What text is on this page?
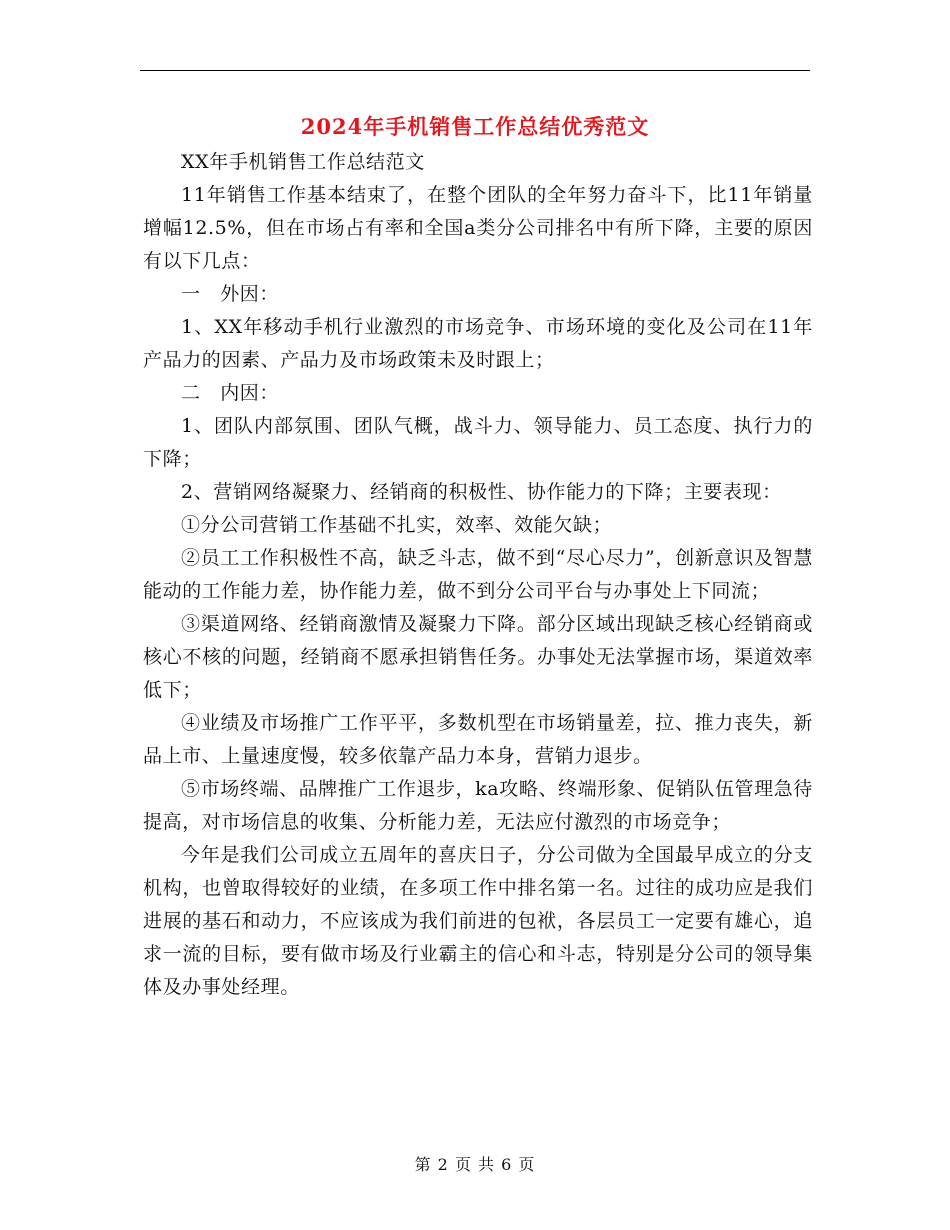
2024年手机销售工作总结优秀范文

XX年手机销售工作总结范文

11年销售工作基本结束了，在整个团队的全年努力奋斗下，比11年销量增幅12.5%，但在市场占有率和全国a类分公司排名中有所下降，主要的原因有以下几点：

一　外因：

1、XX年移动手机行业激烈的市场竞争、市场环境的变化及公司在11年产品力的因素、产品力及市场政策未及时跟上；

二　内因：

1、团队内部氛围、团队气概，战斗力、领导能力、员工态度、执行力的下降；

2、营销网络凝聚力、经销商的积极性、协作能力的下降；主要表现：

①分公司营销工作基础不扎实，效率、效能欠缺；

②员工工作积极性不高，缺乏斗志，做不到“尽心尽力”，创新意识及智慧能动的工作能力差，协作能力差，做不到分公司平台与办事处上下同流；

③渠道网络、经销商激情及凝聚力下降。部分区域出现缺乏核心经销商或核心不核的问题，经销商不愿承担销售任务。办事处无法掌握市场，渠道效率低下；

④业绩及市场推广工作平平，多数机型在市场销量差，拉、推力丧失，新品上市、上量速度慢，较多依靠产品力本身，营销力退步。

⑤市场终端、品牌推广工作退步，ka攻略、终端形象、促销队伍管理急待提高，对市场信息的收集、分析能力差，无法应付激烈的市场竞争；

今年是我们公司成立五周年的喜庆日子，分公司做为全国最早成立的分支机构，也曾取得较好的业绩，在多项工作中排名第一名。过往的成功应是我们进展的基石和动力，不应该成为我们前进的包袱，各层员工一定要有雄心，追求一流的目标，要有做市场及行业霸主的信心和斗志，特别是分公司的领导集体及办事处经理。

第 2 页 共 6 页
